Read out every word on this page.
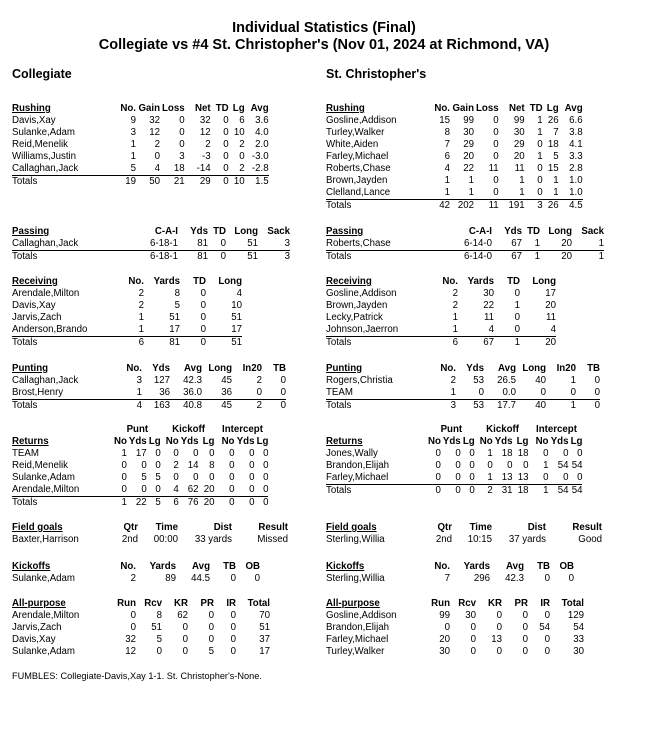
Individual Statistics (Final)
Collegiate vs #4 St. Christopher's (Nov 01, 2024 at Richmond, VA)
Collegiate	St. Christopher's
Rushing	No.	Gain	Loss	Net	TD	Lg	Avg
Davis,Xay	9	32	0	32	0	6	3.6
Sulanke,Adam	3	12	0	12	0	10	4.0
Reid,Menelik	1	2	0	2	0	2	2.0
Williams,Justin	1	0	3	-3	0	0	-3.0
Callaghan,Jack	5	4	18	-14	0	2	-2.8
Totals	19	50	21	29	0	10	1.5
Passing	C-A-I	Yds	TD	Long	Sack
Callaghan,Jack	6-18-1	81	0	51	3
Totals	6-18-1	81	0	51	3
Receiving	No.	Yards	TD	Long
Arendale,Milton	2	8	0	4
Davis,Xay	2	5	0	10
Jarvis,Zach	1	51	0	51
Anderson,Brando	1	17	0	17
Totals	6	81	0	51
Punting	No.	Yds	Avg	Long	In20	TB
Callaghan,Jack	3	127	42.3	45	2	0
Brost,Henry	1	36	36.0	36	0	0
Totals	4	163	40.8	45	2	0
	Punt			Kickoff			Intercept		
Returns	No	Yds	Lg	No	Yds	Lg	No	Yds	Lg
TEAM	1	17	0	0	0	0	0	0	0
Reid,Menelik	0	0	0	2	14	8	0	0	0
Sulanke,Adam	0	5	5	0	0	0	0	0	0
Arendale,Milton	0	0	0	4	62	20	0	0	0
Totals	1	22	5	6	76	20	0	0	0
Field goals	Qtr	Time	Dist	Result
Baxter,Harrison	2nd	00:00	33 yards	Missed
Kickoffs	No.	Yards	Avg	TB	OB
Sulanke,Adam	2	89	44.5	0	0
All-purpose	Run	Rcv	KR	PR	IR	Total
Arendale,Milton	0	8	62	0	0	70
Jarvis,Zach	0	51	0	0	0	51
Davis,Xay	32	5	0	0	0	37
Sulanke,Adam	12	0	0	5	0	17
Rushing	No.	Gain	Loss	Net	TD	Lg	Avg
Gosline,Addison	15	99	0	99	1	26	6.6
Turley,Walker	8	30	0	30	1	7	3.8
White,Aiden	7	29	0	29	0	18	4.1
Farley,Michael	6	20	0	20	1	5	3.3
Roberts,Chase	4	22	11	11	0	15	2.8
Brown,Jayden	1	1	0	1	0	1	1.0
Clelland,Lance	1	1	0	1	0	1	1.0
Totals	42	202	11	191	3	26	4.5
Passing	C-A-I	Yds	TD	Long	Sack
Roberts,Chase	6-14-0	67	1	20	1
Totals	6-14-0	67	1	20	1
Receiving	No.	Yards	TD	Long
Gosline,Addison	2	30	0	17
Brown,Jayden	2	22	1	20
Lecky,Patrick	1	11	0	11
Johnson,Jaerron	1	4	0	4
Totals	6	67	1	20
Punting	No.	Yds	Avg	Long	In20	TB
Rogers,Christia	2	53	26.5	40	1	0
TEAM	1	0	0.0	0	0	0
Totals	3	53	17.7	40	1	0
	Punt			Kickoff			Intercept		
Returns	No	Yds	Lg	No	Yds	Lg	No	Yds	Lg
Jones,Wally	0	0	0	1	18	18	0	0	0
Brandon,Elijah	0	0	0	0	0	0	1	54	54
Farley,Michael	0	0	0	1	13	13	0	0	0
Totals	0	0	0	2	31	18	1	54	54
Field goals	Qtr	Time	Dist	Result
Sterling,Willia	2nd	10:15	37 yards	Good
Kickoffs	No.	Yards	Avg	TB	OB
Sterling,Willia	7	296	42.3	0	0
All-purpose	Run	Rcv	KR	PR	IR	Total
Gosline,Addison	99	30	0	0	0	129
Brandon,Elijah	0	0	0	0	54	54
Farley,Michael	20	0	13	0	0	33
Turley,Walker	30	0	0	0	0	30
FUMBLES: Collegiate-Davis,Xay 1-1. St. Christopher's-None.
